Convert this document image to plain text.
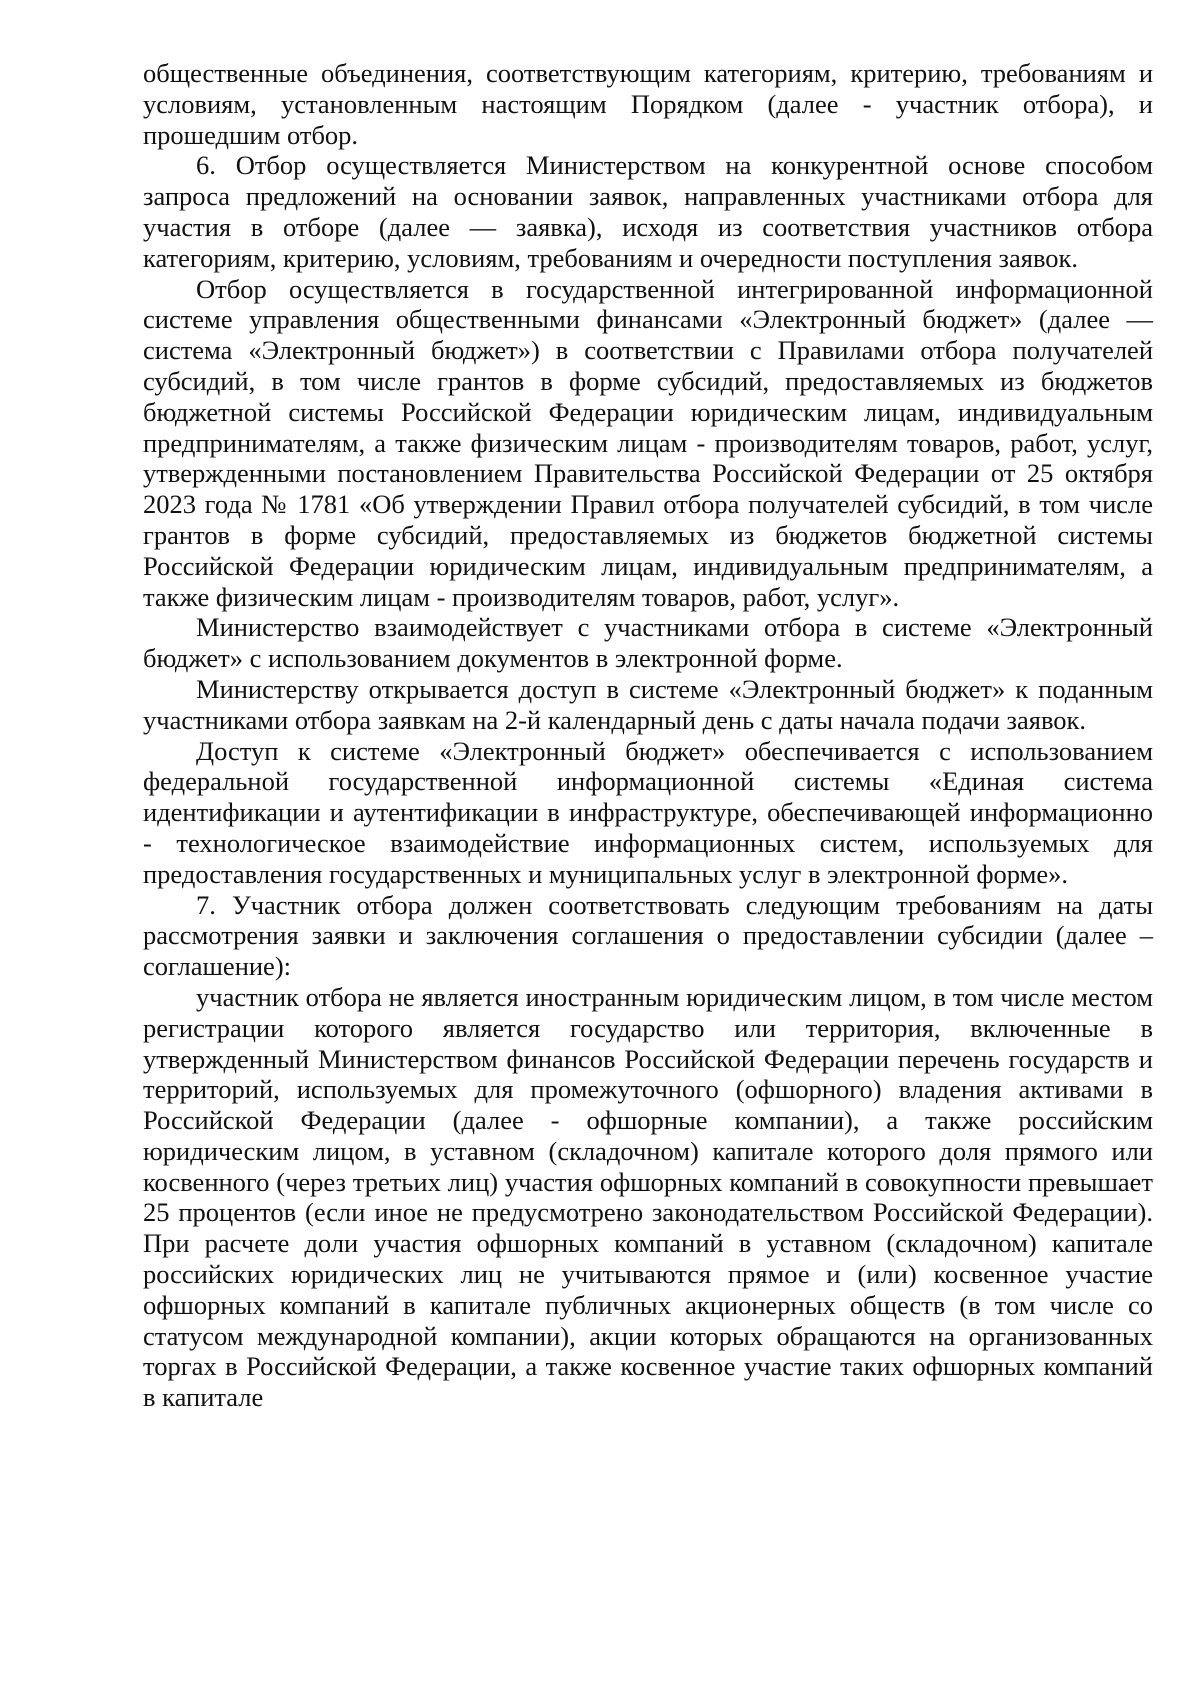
общественные объединения, соответствующим категориям, критерию, требованиям и условиям, установленным настоящим Порядком (далее - участник отбора), и прошедшим отбор.

6. Отбор осуществляется Министерством на конкурентной основе способом запроса предложений на основании заявок, направленных участниками отбора для участия в отборе (далее — заявка), исходя из соответствия участников отбора категориям, критерию, условиям, требованиям и очередности поступления заявок.

Отбор осуществляется в государственной интегрированной информационной системе управления общественными финансами «Электронный бюджет» (далее — система «Электронный бюджет») в соответствии с Правилами отбора получателей субсидий, в том числе грантов в форме субсидий, предоставляемых из бюджетов бюджетной системы Российской Федерации юридическим лицам, индивидуальным предпринимателям, а также физическим лицам - производителям товаров, работ, услуг, утвержденными постановлением Правительства Российской Федерации от 25 октября 2023 года № 1781 «Об утверждении Правил отбора получателей субсидий, в том числе грантов в форме субсидий, предоставляемых из бюджетов бюджетной системы Российской Федерации юридическим лицам, индивидуальным предпринимателям, а также физическим лицам - производителям товаров, работ, услуг».

Министерство взаимодействует с участниками отбора в системе «Электронный бюджет» с использованием документов в электронной форме.

Министерству открывается доступ в системе «Электронный бюджет» к поданным участниками отбора заявкам на 2-й календарный день с даты начала подачи заявок.

Доступ к системе «Электронный бюджет» обеспечивается с использованием федеральной государственной информационной системы «Единая система идентификации и аутентификации в инфраструктуре, обеспечивающей информационно - технологическое взаимодействие информационных систем, используемых для предоставления государственных и муниципальных услуг в электронной форме».

7. Участник отбора должен соответствовать следующим требованиям на даты рассмотрения заявки и заключения соглашения о предоставлении субсидии (далее – соглашение):

участник отбора не является иностранным юридическим лицом, в том числе местом регистрации которого является государство или территория, включенные в утвержденный Министерством финансов Российской Федерации перечень государств и территорий, используемых для промежуточного (офшорного) владения активами в Российской Федерации (далее - офшорные компании), а также российским юридическим лицом, в уставном (складочном) капитале которого доля прямого или косвенного (через третьих лиц) участия офшорных компаний в совокупности превышает 25 процентов (если иное не предусмотрено законодательством Российской Федерации). При расчете доли участия офшорных компаний в уставном (складочном) капитале российских юридических лиц не учитываются прямое и (или) косвенное участие офшорных компаний в капитале публичных акционерных обществ (в том числе со статусом международной компании), акции которых обращаются на организованных торгах в Российской Федерации, а также косвенное участие таких офшорных компаний в капитале
